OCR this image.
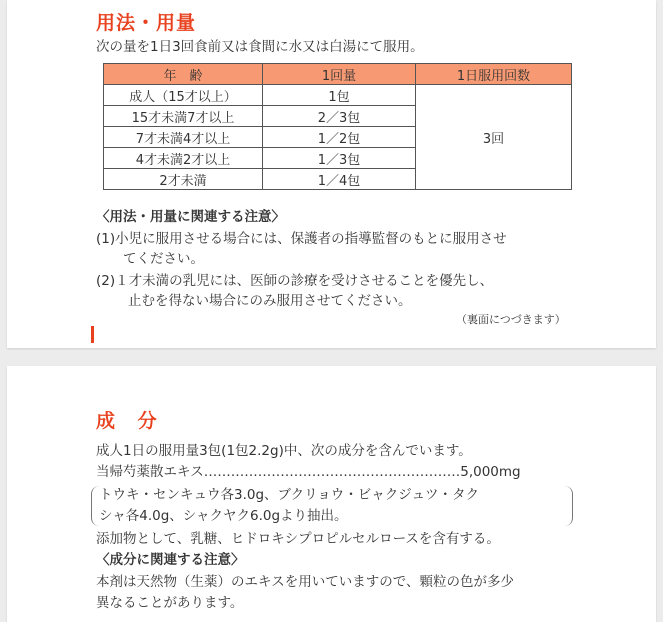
用法・用量
次の量を1日3回食前又は食間に水又は白湯にて服用。
年　齢	1回量	1日服用回数
成人（15才以上）	1包	3回
15才未満7才以上	2／3包	
7才未満4才以上	1／2包	
4才未満2才以上	1／3包	
2才未満	1／4包	
〈用法・用量に関連する注意〉
(1)小児に服用させる場合には、保護者の指導監督のもとに服用させ
てください。
(2)１才未満の乳児には、医師の診療を受けさせることを優先し、
止むを得ない場合にのみ服用させてください。
（裏面につづきます）
成 分
成人1日の服用量3包(1包2.2g)中、次の成分を含んでいます。
当帰芍薬散エキス…………………………………………………5,000mg
トウキ・センキュウ各3.0g、ブクリョウ・ビャクジュツ・タク
シャ各4.0g、シャクヤク6.0gより抽出。
添加物として、乳糖、ヒドロキシプロピルセルロースを含有する。
〈成分に関連する注意〉
本剤は天然物（生薬）のエキスを用いていますので、顆粒の色が多少
異なることがあります。
